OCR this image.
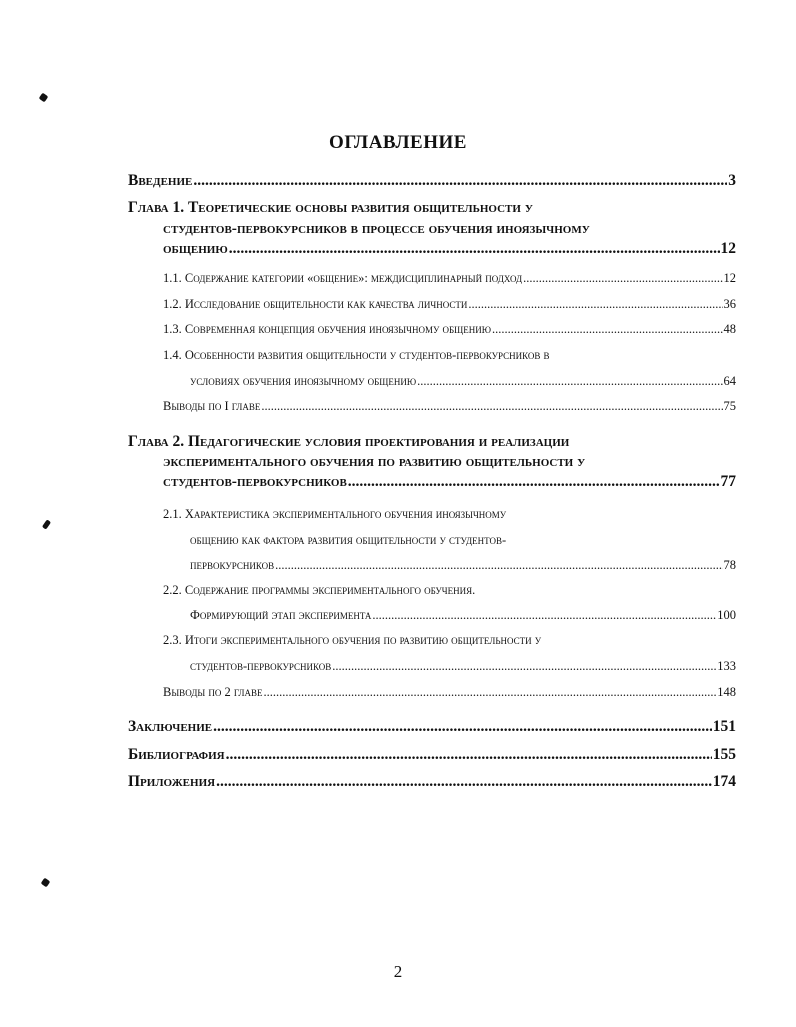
ОГЛАВЛЕНИЕ
Введение .....	3
Глава 1. Теоретические основы развития общительности у
студентов-первокурсников в процессе обучения иноязычному
общению .....	12
1.1. Содержание категории «общение»: междисциплинарный подход .....	12
1.2. Исследование общительности как качества личности .....	36
1.3. Современная концепция обучения иноязычному общению .....	48
1.4. Особенности развития общительности у студентов-первокурсников в
условиях обучения иноязычному общению .....	64
Выводы по I главе .....	75
Глава 2. Педагогические условия проектирования и реализации
экспериментального обучения по развитию общительности у
студентов-первокурсников .....	77
2.1. Характеристика экспериментального обучения иноязычному
общению как фактора развития общительности у студентов-
первокурсников .....	78
2.2. Содержание программы экспериментального обучения.
Формирующий этап эксперимента .....	100
2.3. Итоги экспериментального обучения по развитию общительности у
студентов-первокурсников .....	133
Выводы по 2 главе .....	148
Заключение .....	151
Библиография .....	155
Приложения .....	174
2
